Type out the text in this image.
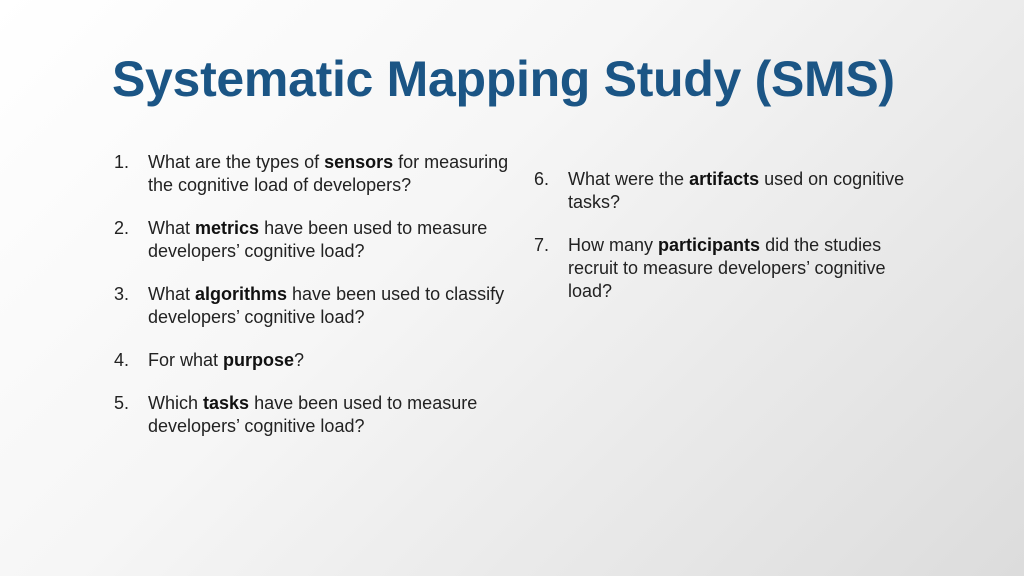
Systematic Mapping Study (SMS)
1. What are the types of sensors for measuring the cognitive load of developers?
2. What metrics have been used to measure developers’ cognitive load?
3. What algorithms have been used to classify developers’ cognitive load?
4. For what purpose?
5. Which tasks have been used to measure developers’ cognitive load?
6. What were the artifacts used on cognitive tasks?
7. How many participants did the studies recruit to measure developers’ cognitive load?
